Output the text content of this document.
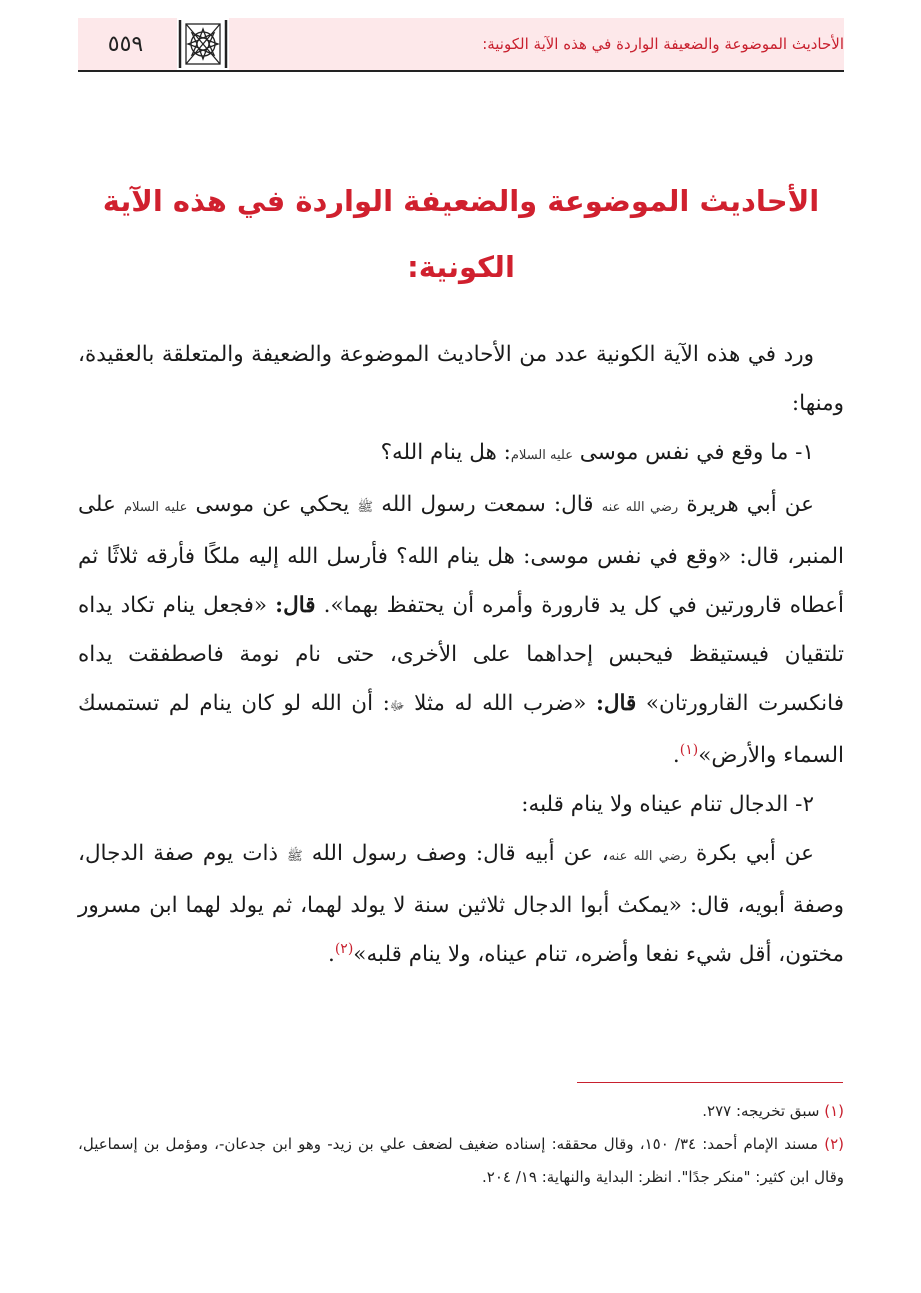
٥٥٩	الأحاديث الموضوعة والضعيفة الواردة في هذه الآية الكونية:
الأحاديث الموضوعة والضعيفة الواردة في هذه الآية
الكونية:

ورد في هذه الآية الكونية عدد من الأحاديث الموضوعة والضعيفة والمتعلقة بالعقيدة، ومنها:

١- ما وقع في نفس موسى عليه السلام: هل ينام الله؟

عن أبي هريرة رضي الله عنه قال: سمعت رسول الله ﷺ يحكي عن موسى عليه السلام على المنبر، قال: «وقع في نفس موسى: هل ينام الله؟ فأرسل الله إليه ملكًا فأرقه ثلاثًا ثم أعطاه قارورتين في كل يد قارورة وأمره أن يحتفظ بهما». قال: «فجعل ينام تكاد يداه تلتقيان فيستيقظ فيحبس إحداهما على الأخرى، حتى نام نومة فاصطفقت يداه فانكسرت القارورتان» قال: «ضرب الله له مثلا ﷻ: أن الله لو كان ينام لم تستمسك السماء والأرض»$^{(١)}$.

٢- الدجال تنام عيناه ولا ينام قلبه:

عن أبي بكرة رضي الله عنه، عن أبيه قال: وصف رسول الله ﷺ ذات يوم صفة الدجال، وصفة أبويه، قال: «يمكث أبوا الدجال ثلاثين سنة لا يولد لهما، ثم يولد لهما ابن مسرور مختون، أقل شيء نفعا وأضره، تنام عيناه، ولا ينام قلبه»$^{(٢)}$.

(١) سبق تخريجه: ٢٧٧.

(٢) مسند الإمام أحمد: ٣٤/ ١٥٠، وقال محققه: إسناده ضغيف لضعف علي بن زيد- وهو ابن جدعان-، ومؤمل بن إسماعيل، وقال ابن كثير: "منكر جدًا". انظر: البداية والنهاية: ١٩/ ٢٠٤.
